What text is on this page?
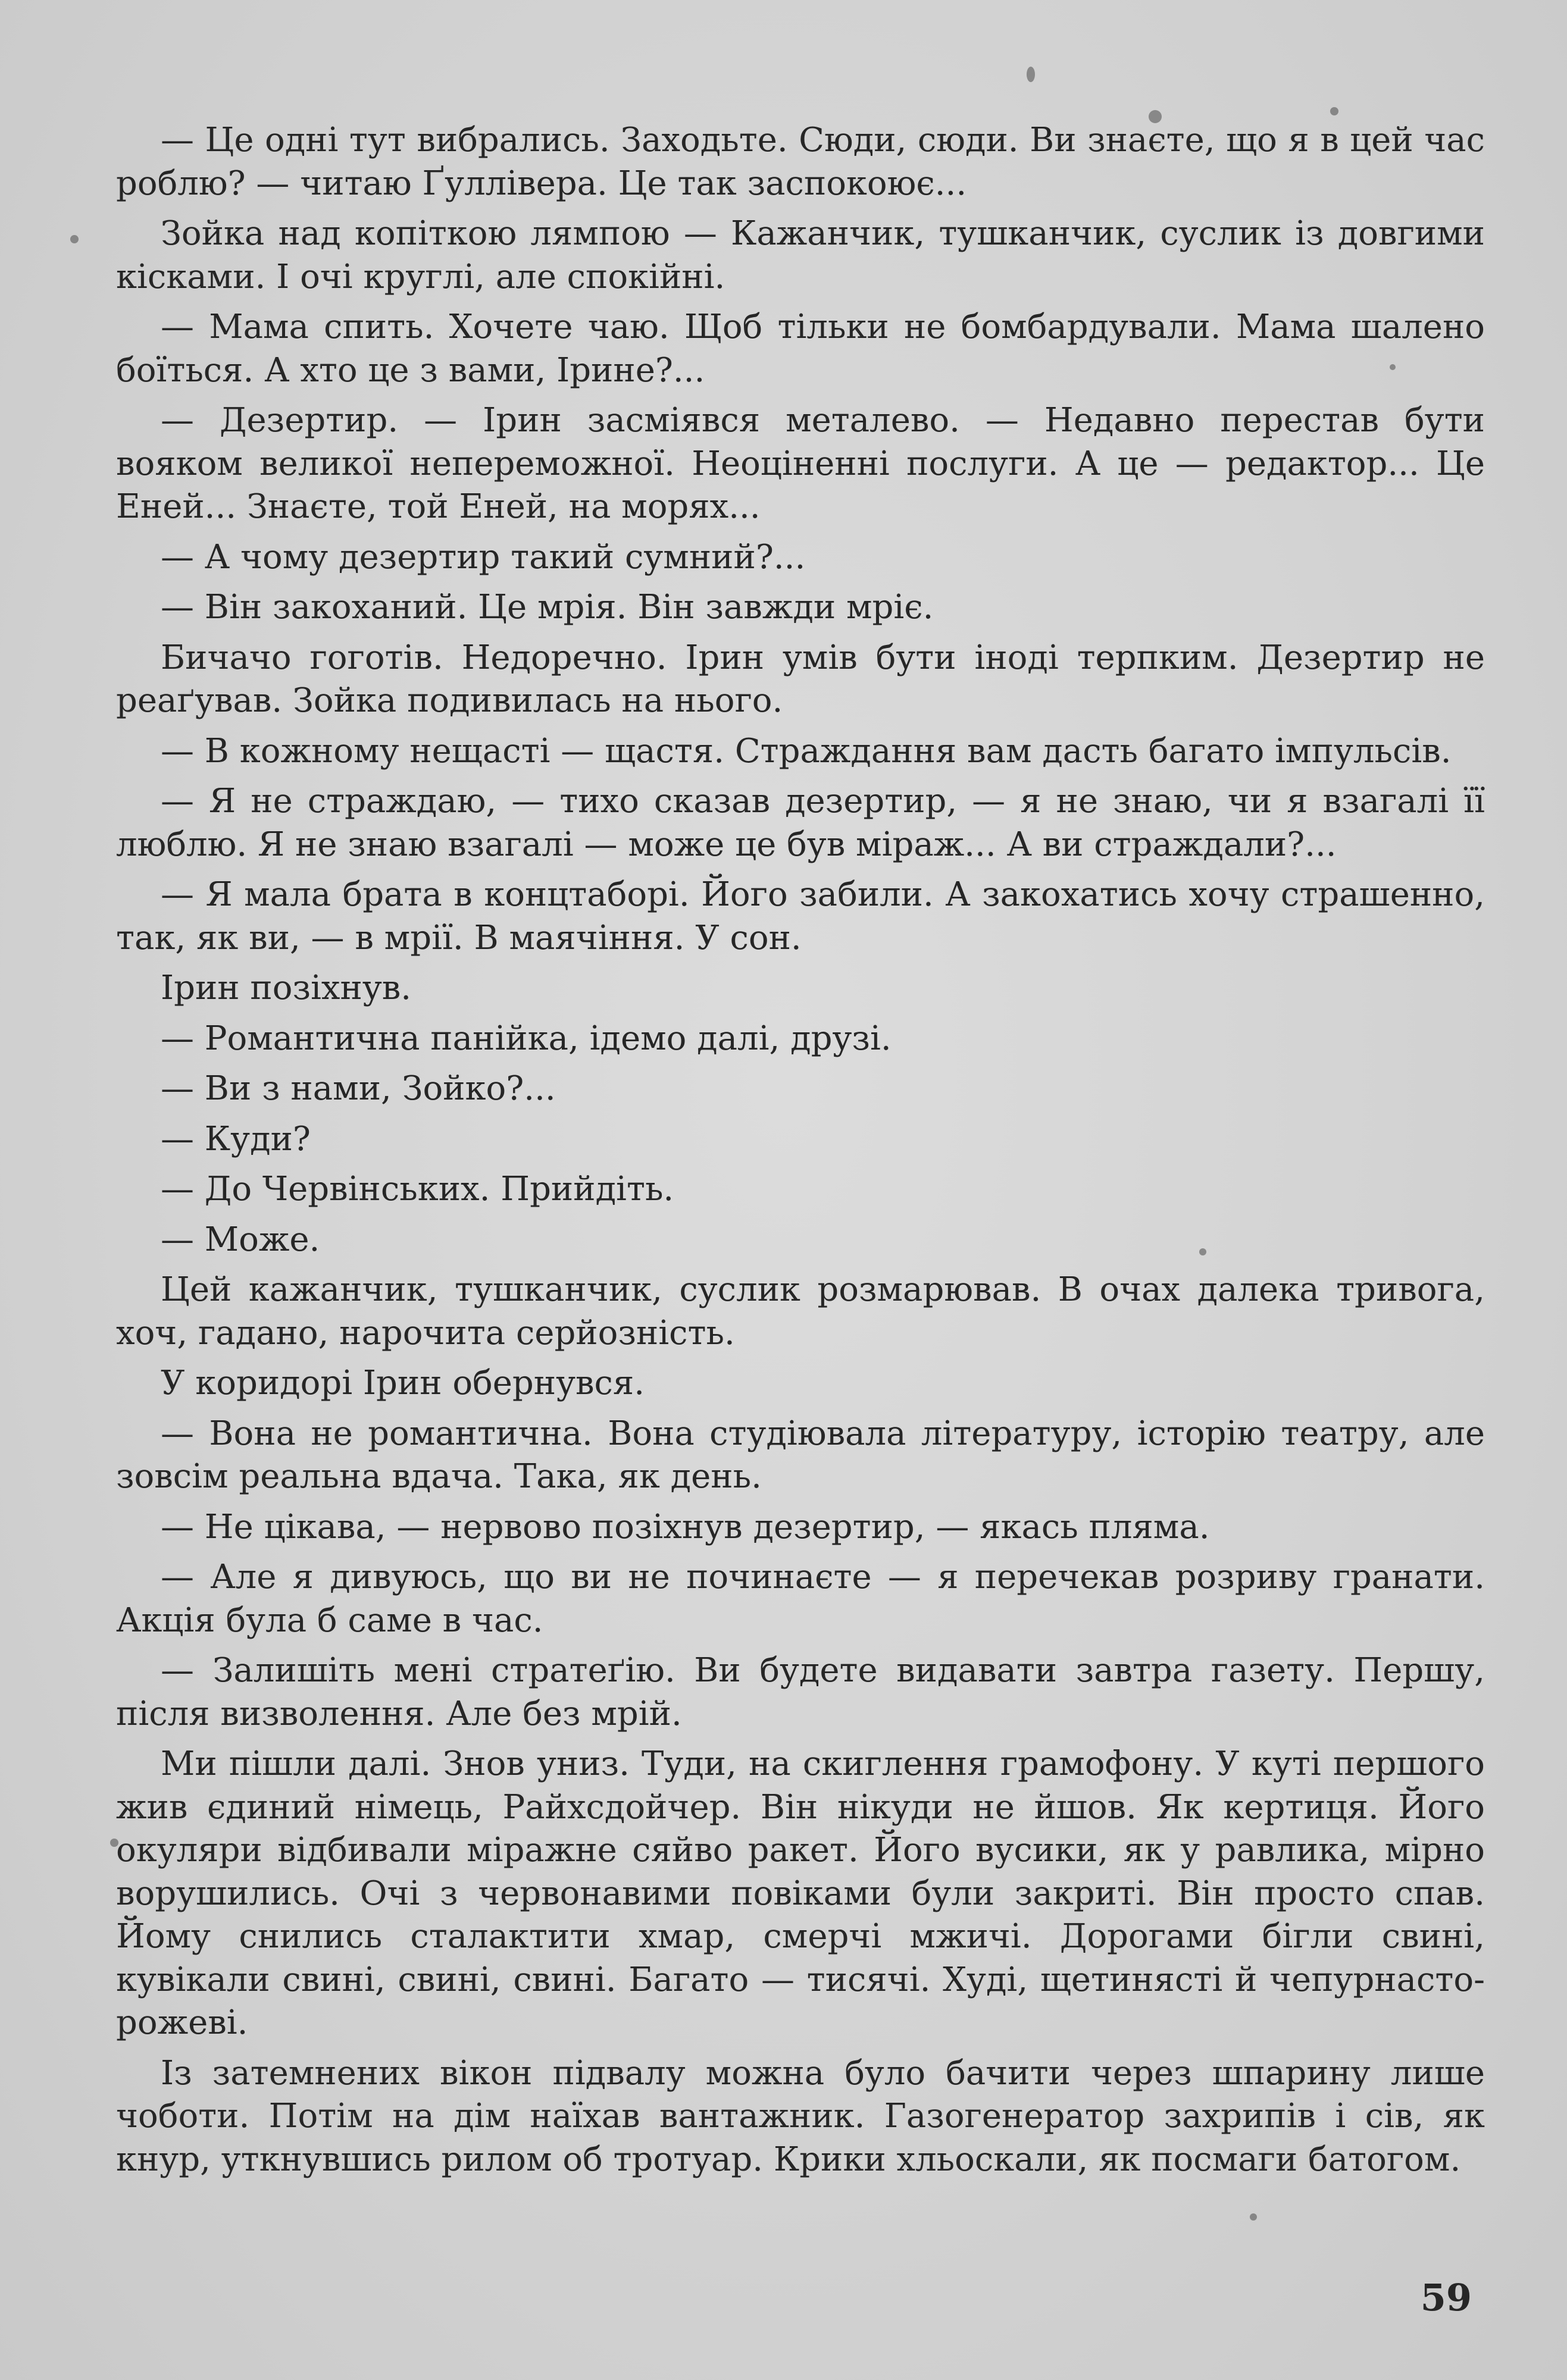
— Це одні тут вибрались. Заходьте. Сюди, сюди. Ви знаєте, що я в цей час роблю? — читаю Ґуллівера. Це так заспокоює...

Зойка над копіткою лямпою — Кажанчик, тушканчик, суслик із довгими кісками. І очі круглі, але спокійні.

— Мама спить. Хочете чаю. Щоб тільки не бомбардували. Мама шалено боїться. А хто це з вами, Ірине?...

— Дезертир. — Ірин засміявся металево. — Недавно перестав бути вояком великої непереможної. Неоціненні послуги. А це — редактор... Це Еней... Знаєте, той Еней, на морях...

— А чому дезертир такий сумний?...

— Він закоханий. Це мрія. Він завжди мріє.

Бичачо гоготів. Недоречно. Ірин умів бути іноді терпким. Дезертир не реаґував. Зойка подивилась на нього.

— В кожному нещасті — щастя. Страждання вам дасть багато імпульсів.

— Я не страждаю, — тихо сказав дезертир, — я не знаю, чи я взагалі її люблю. Я не знаю взагалі — може це був міраж... А ви страждали?...

— Я мала брата в концтаборі. Його забили. А закохатись хочу страшенно, так, як ви, — в мрії. В маячіння. У сон.

Ірин позіхнув.

— Романтична панійка, ідемо далі, друзі.

— Ви з нами, Зойко?...

— Куди?

— До Червінських. Прийдіть.

— Може.

Цей кажанчик, тушканчик, суслик розмарював. В очах далека тривога, хоч, гадано, нарочита серйозність.

У коридорі Ірин обернувся.

— Вона не романтична. Вона студіювала літературу, історію театру, але зовсім реальна вдача. Така, як день.

— Не цікава, — нервово позіхнув дезертир, — якась пляма.

— Але я дивуюсь, що ви не починаєте — я перечекав розриву гранати. Акція була б саме в час.

— Залишіть мені стратеґію. Ви будете видавати завтра газету. Першу, після визволення. Але без мрій.

Ми пішли далі. Знов униз. Туди, на скиглення грамофону. У куті першого жив єдиний німець, Райхсдойчер. Він нікуди не йшов. Як кертиця. Його окуляри відбивали міражне сяйво ракет. Його вусики, як у равлика, мірно ворушились. Очі з червонавими повіками були закриті. Він просто спав. Йому снились сталактити хмар, смерчі мжичі. Дорогами бігли свині, кувікали свині, свині, свині. Багато — тисячі. Худі, щетинясті й чепурнасто-рожеві.

Із затемнених вікон підвалу можна було бачити через шпарину лише чоботи. Потім на дім наїхав вантажник. Газогенератор захрипів і сів, як кнур, уткнувшись рилом об тротуар. Крики хльоскали, як посмаги батогом.

59
